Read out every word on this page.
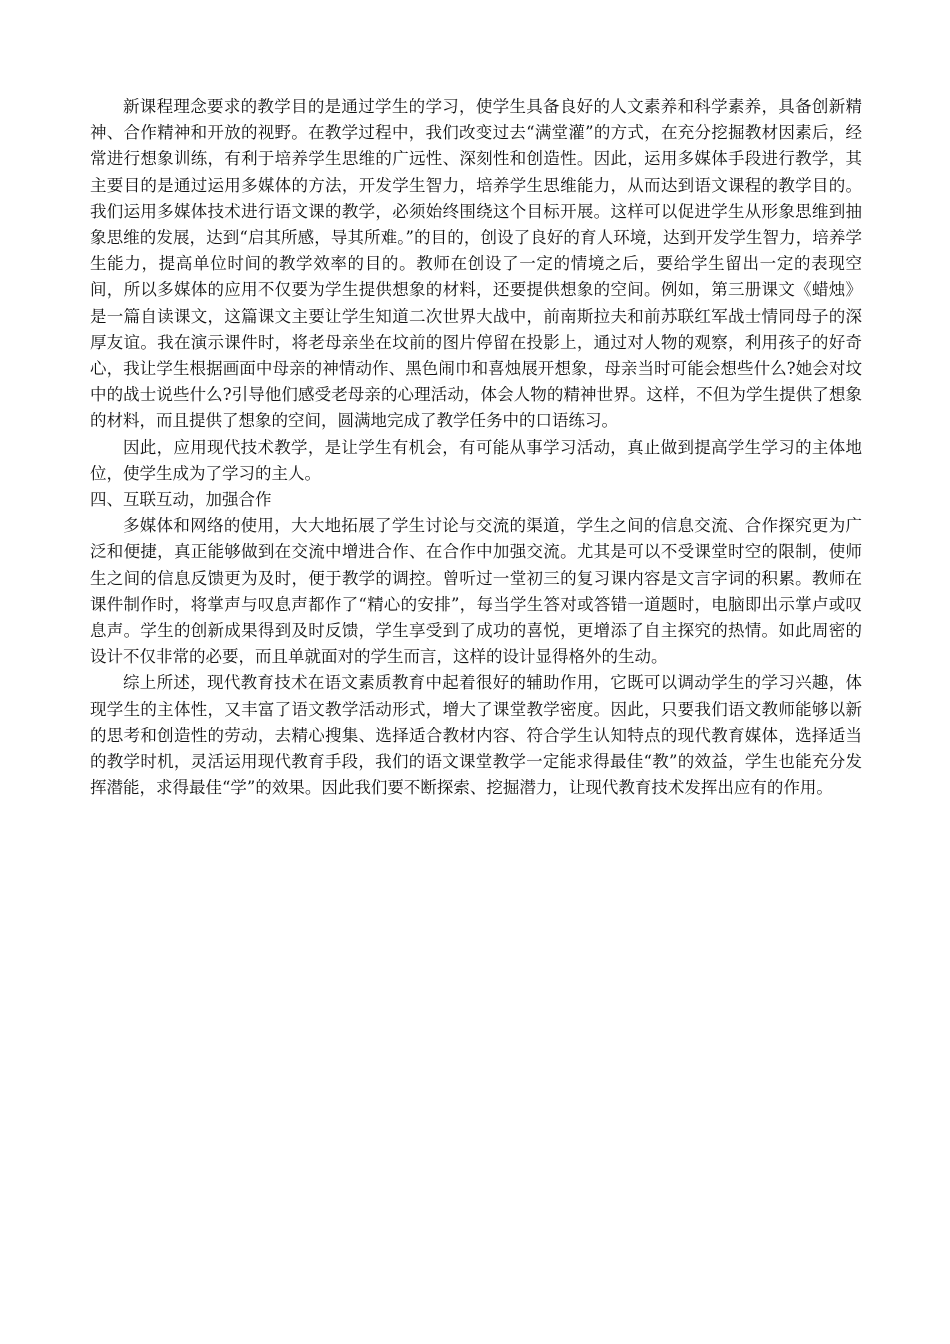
新课程理念要求的教学目的是通过学生的学习，使学生具备良好的人文素养和科学素养，具备创新精神、合作精神和开放的视野。在教学过程中，我们改变过去“满堂灌”的方式，在充分挖掘教材因素后，经常进行想象训练，有利于培养学生思维的广远性、深刻性和创造性。因此，运用多媒体手段进行教学，其主要目的是通过运用多媒体的方法，开发学生智力，培养学生思维能力，从而达到语文课程的教学目的。我们运用多媒体技术进行语文课的教学，必须始终围绕这个目标开展。这样可以促进学生从形象思维到抽象思维的发展，达到“启其所感，导其所难。”的目的，创设了良好的育人环境，达到开发学生智力，培养学生能力，提高单位时间的教学效率的目的。教师在创设了一定的情境之后，要给学生留出一定的表现空间，所以多媒体的应用不仅要为学生提供想象的材料，还要提供想象的空间。例如，第三册课文《蜡烛》是一篇自读课文，这篇课文主要让学生知道二次世界大战中，前南斯拉夫和前苏联红军战士情同母子的深厚友谊。我在演示课件时，将老母亲坐在坟前的图片停留在投影上，通过对人物的观察，利用孩子的好奇心，我让学生根据画面中母亲的神情动作、黑色闹巾和喜烛展开想象，母亲当时可能会想些什么?她会对坟中的战士说些什么?引导他们感受老母亲的心理活动，体会人物的精神世界。这样，不但为学生提供了想象的材料，而且提供了想象的空间，圆满地完成了教学任务中的口语练习。

因此，应用现代技术教学，是让学生有机会，有可能从事学习活动，真止做到提高学生学习的主体地位，使学生成为了学习的主人。

四、互联互动，加强合作

多媒体和网络的使用，大大地拓展了学生讨论与交流的渠道，学生之间的信息交流、合作探究更为广泛和便捷，真正能够做到在交流中增进合作、在合作中加强交流。尤其是可以不受课堂时空的限制，使师生之间的信息反馈更为及时，便于教学的调控。曾听过一堂初三的复习课内容是文言字词的积累。教师在课件制作时，将掌声与叹息声都作了“精心的安排”，每当学生答对或答错一道题时，电脑即出示掌卢或叹息声。学生的创新成果得到及时反馈，学生享受到了成功的喜悦，更增添了自主探究的热情。如此周密的设计不仅非常的必要，而且单就面对的学生而言，这样的设计显得格外的生动。

综上所述，现代教育技术在语文素质教育中起着很好的辅助作用，它既可以调动学生的学习兴趣，体现学生的主体性，又丰富了语文教学活动形式，增大了课堂教学密度。因此，只要我们语文教师能够以新的思考和创造性的劳动，去精心搜集、选择适合教材内容、符合学生认知特点的现代教育媒体，选择适当的教学时机，灵活运用现代教育手段，我们的语文课堂教学一定能求得最佳“教”的效益，学生也能充分发挥潜能，求得最佳“学”的效果。因此我们要不断探索、挖掘潜力，让现代教育技术发挥出应有的作用。
